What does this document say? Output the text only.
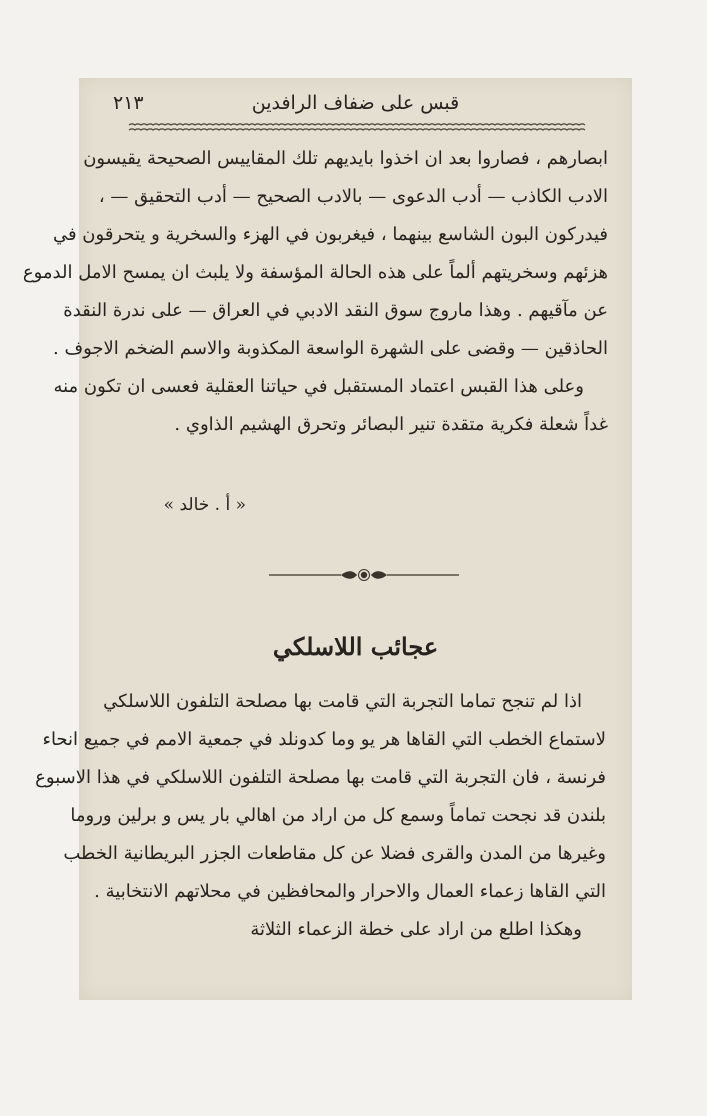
قبس على ضفاف الرافدين
٢١٣
ابصارهم ، فصاروا بعد ان اخذوا بايديهم تلك المقاييس الصحيحة يقيسون
الادب الكاذب — أدب الدعوى — بالادب الصحيح — أدب التحقيق — ،
فيدركون البون الشاسع بينهما ، فيغربون في الهزء والسخرية و يتحرقون في
هزئهم وسخريتهم ألماً على هذه الحالة المؤسفة ولا يلبث ان يمسح الامل الدموع
عن مآقيهم . وهذا ماروج سوق النقد الادبي في العراق — على ندرة النقدة
الحاذقين — وقضى على الشهرة الواسعة المكذوبة والاسم الضخم الاجوف .
وعلى هذا القبس اعتماد المستقبل في حياتنا العقلية فعسى ان تكون منه
غداً شعلة فكرية متقدة تنير البصائر وتحرق الهشيم الذاوي .
« أ . خالد »
عجائب اللاسلكي
اذا لم تنجح تماما التجربة التي قامت بها مصلحة التلفون اللاسلكي
لاستماع الخطب التي القاها هر يو وما كدونلد في جمعية الامم في جميع انحاء
فرنسة ، فان التجربة التي قامت بها مصلحة التلفون اللاسلكي في هذا الاسبوع
بلندن قد نجحت تماماً وسمع كل من اراد من اهالي بار يس و برلين وروما
وغيرها من المدن والقرى فضلا عن كل مقاطعات الجزر البريطانية الخطب
التي القاها زعماء العمال والاحرار والمحافظين في محلاتهم الانتخابية .
وهكذا اطلع من اراد على خطة الزعماء الثلاثة
